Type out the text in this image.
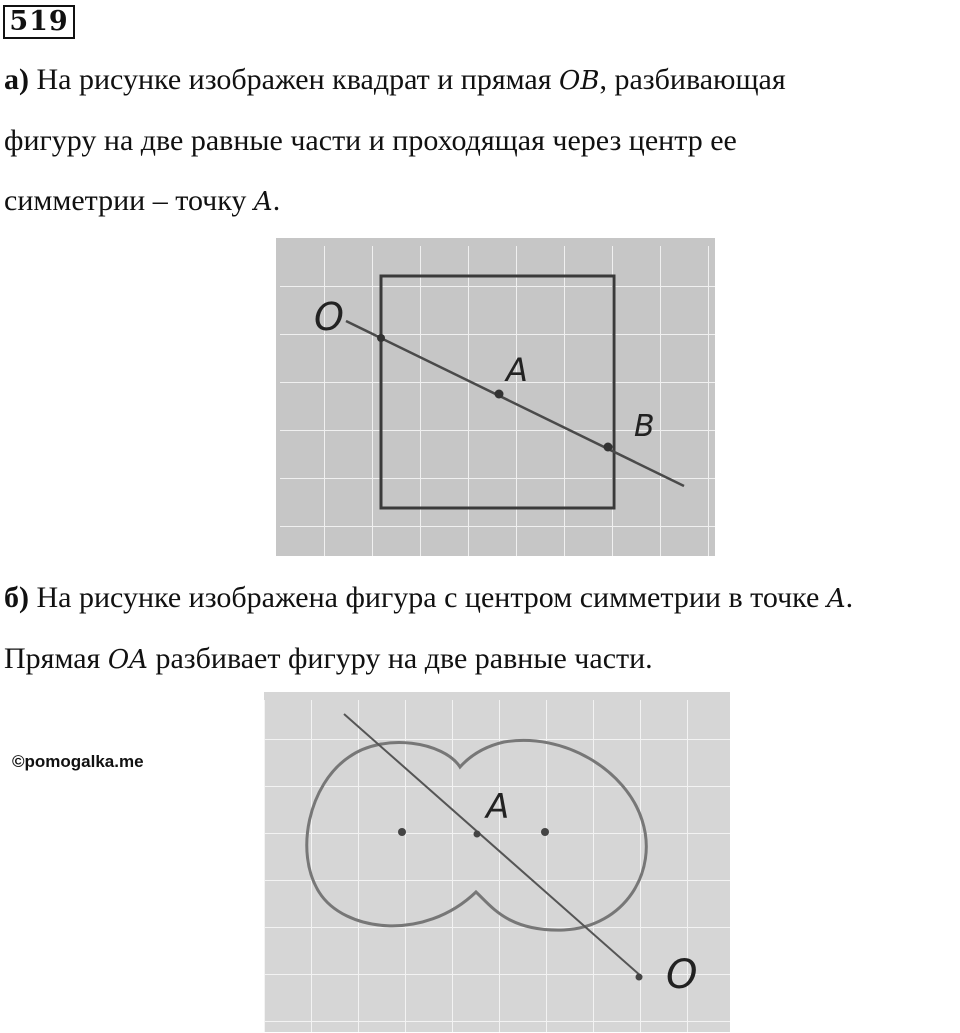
519
а) На рисунке изображен квадрат и прямая OB, разбивающая
фигуру на две равные части и проходящая через центр ее
симметрии – точку A.
O
A
B
б) На рисунке изображена фигура с центром симметрии в точке A.
Прямая OA разбивает фигуру на две равные части.
A
O
©pomogalka.me
